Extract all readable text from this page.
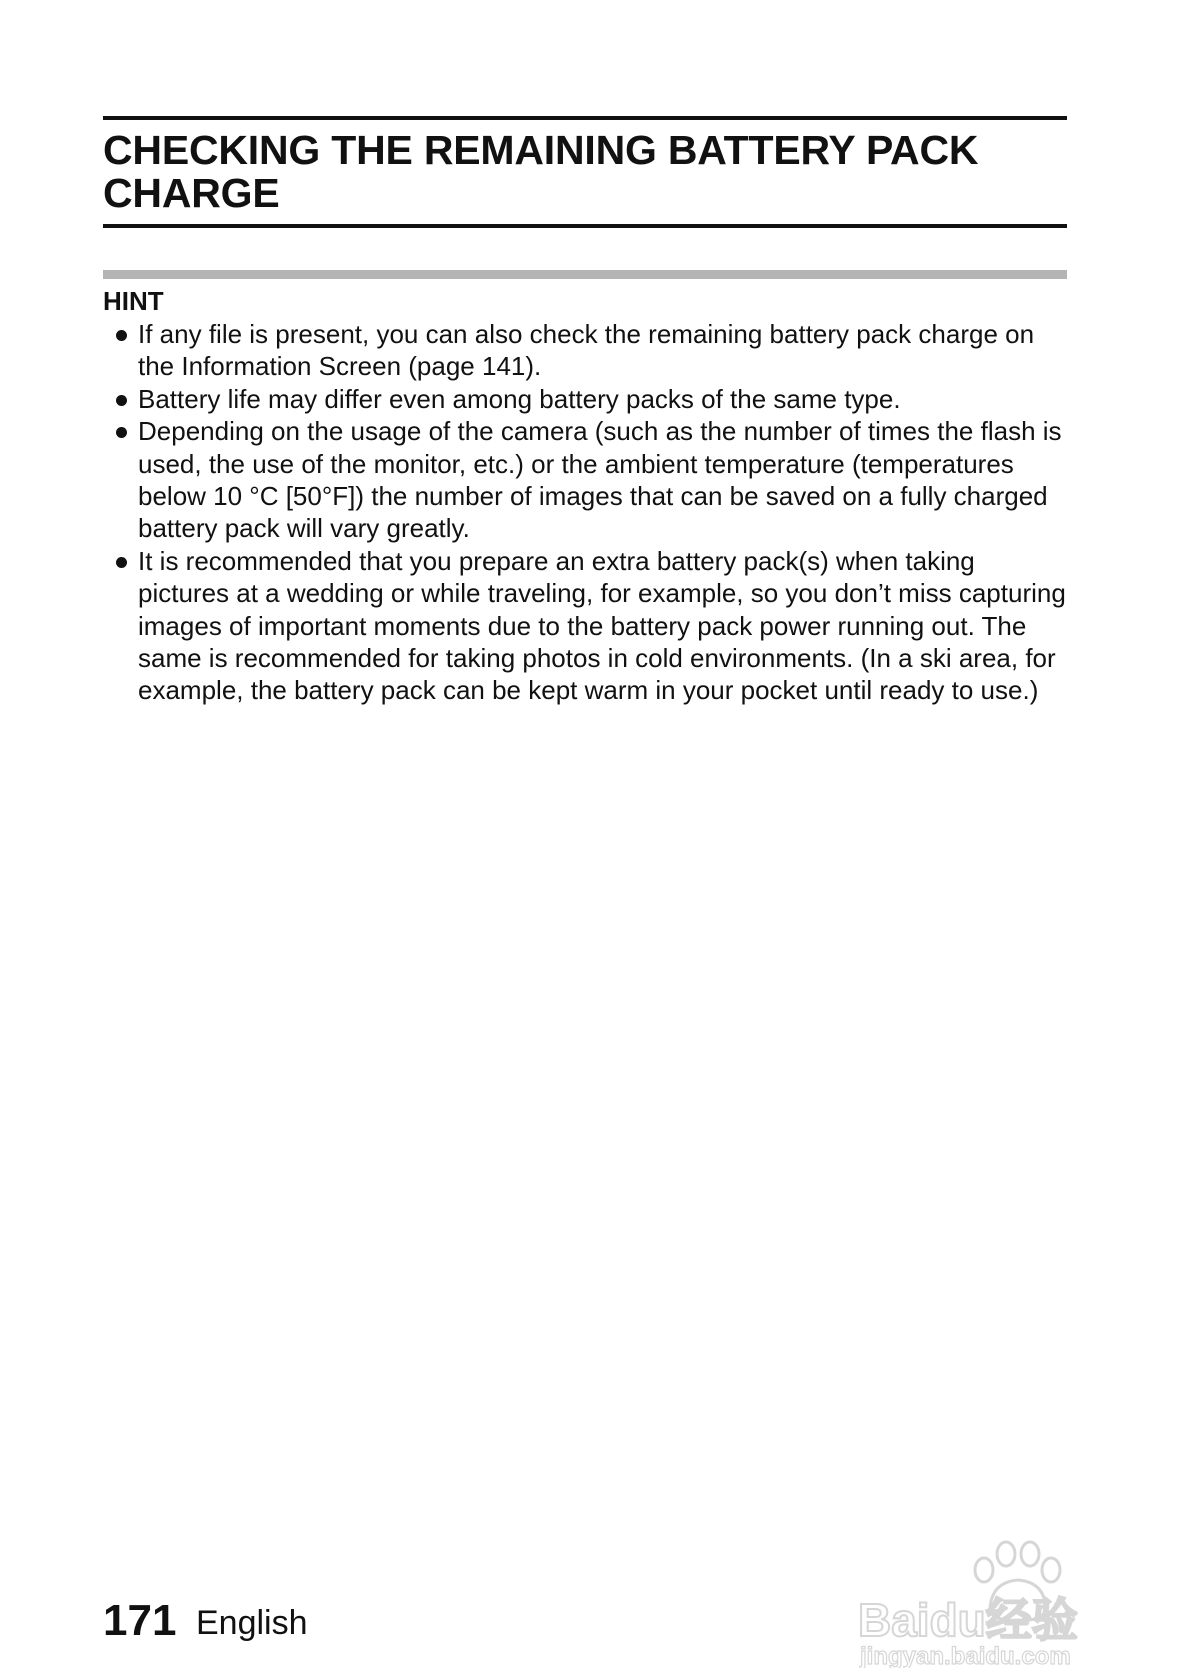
CHECKING THE REMAINING BATTERY PACK CHARGE
HINT
If any file is present, you can also check the remaining battery pack charge on the Information Screen (page 141).
Battery life may differ even among battery packs of the same type.
Depending on the usage of the camera (such as the number of times the flash is used, the use of the monitor, etc.) or the ambient temperature (temperatures below 10 °C [50°F]) the number of images that can be saved on a fully charged battery pack will vary greatly.
It is recommended that you prepare an extra battery pack(s) when taking pictures at a wedding or while traveling, for example, so you don’t miss capturing images of important moments due to the battery pack power running out. The same is recommended for taking photos in cold environments. (In a ski area, for example, the battery pack can be kept warm in your pocket until ready to use.)
171 English	Baidu经验
jingyan.baidu.com
